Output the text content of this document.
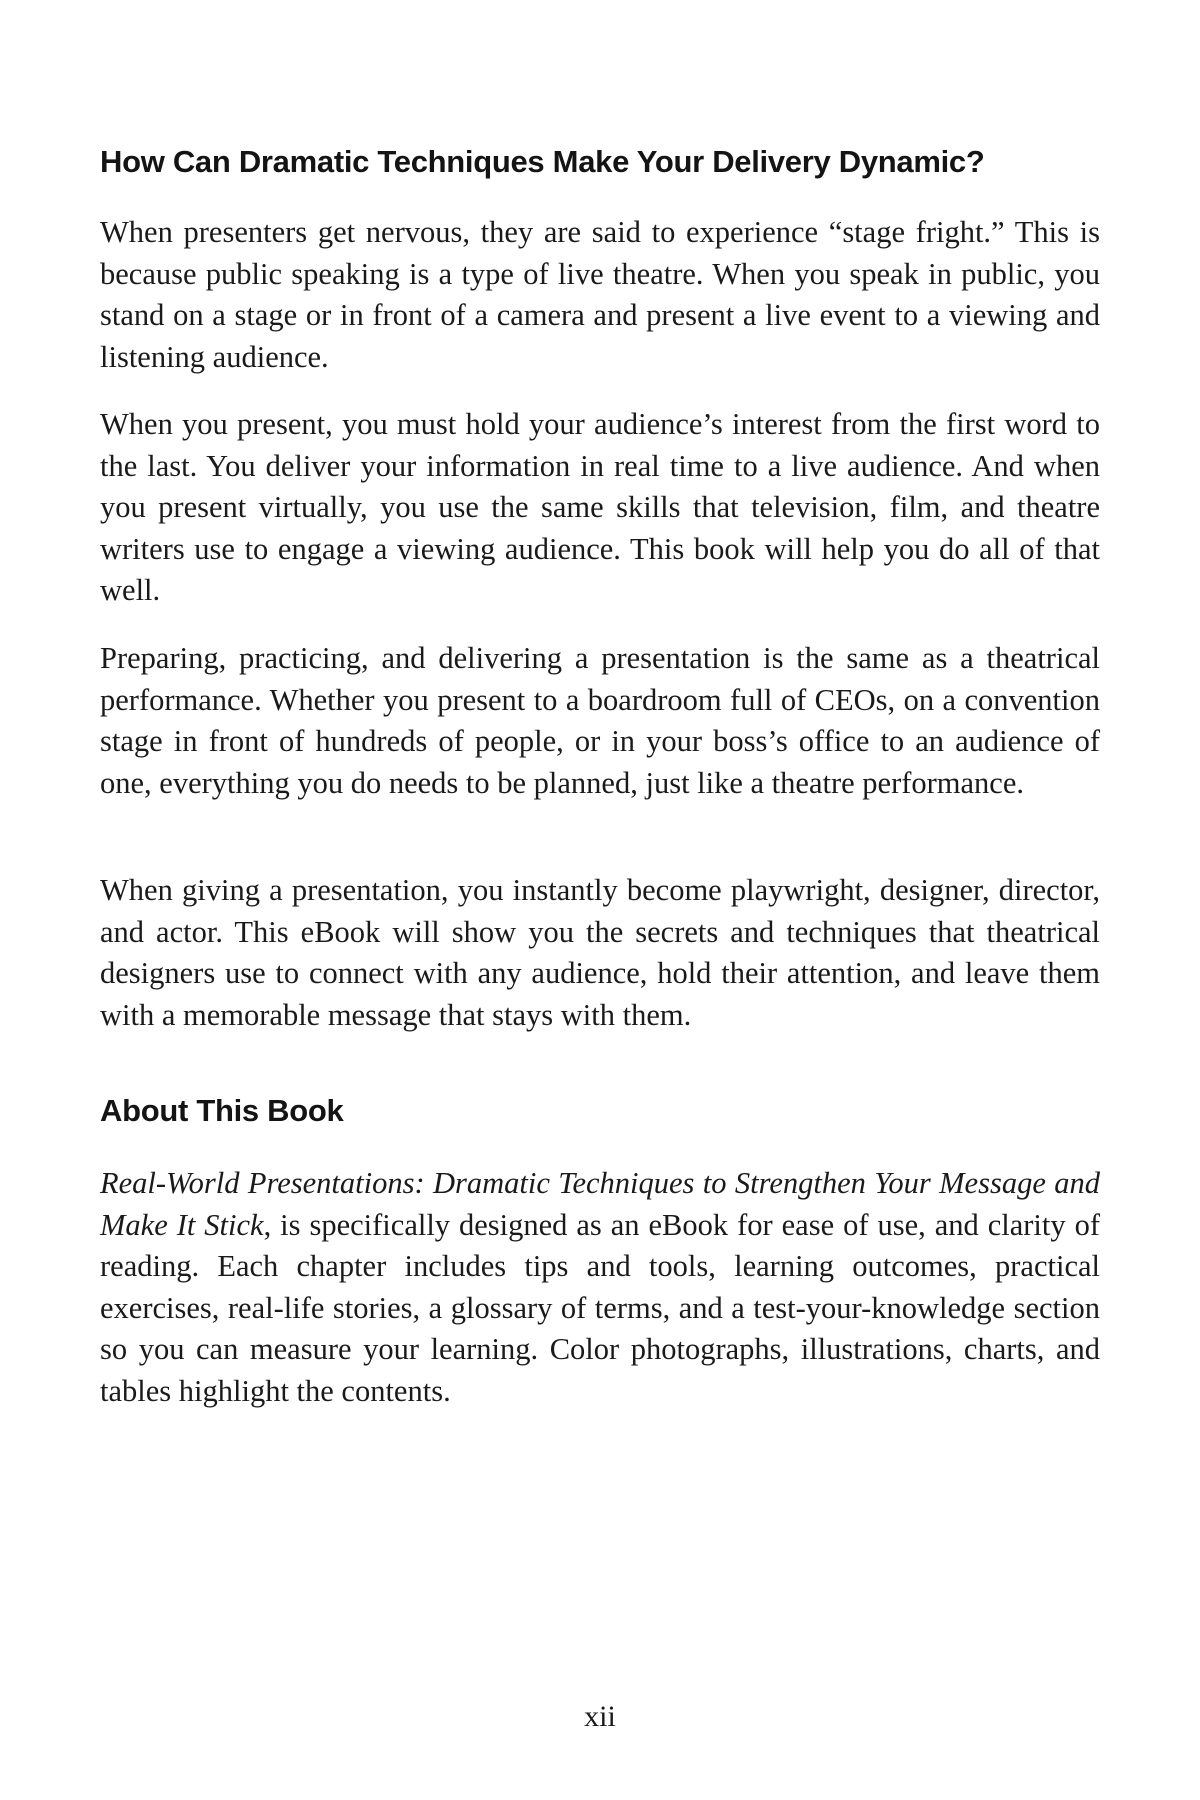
How Can Dramatic Techniques Make Your Delivery Dynamic?

When presenters get nervous, they are said to experience “stage fright.” This is because public speaking is a type of live theatre. When you speak in public, you stand on a stage or in front of a camera and present a live event to a viewing and listening audience.

When you present, you must hold your audience’s interest from the first word to the last. You deliver your information in real time to a live audience. And when you present virtually, you use the same skills that television, film, and theatre writers use to engage a viewing audience. This book will help you do all of that well.

Preparing, practicing, and delivering a presentation is the same as a theatrical performance. Whether you present to a boardroom full of CEOs, on a convention stage in front of hundreds of people, or in your boss’s office to an audience of one, everything you do needs to be planned, just like a theatre performance.

When giving a presentation, you instantly become playwright, designer, director, and actor. This eBook will show you the secrets and techniques that theatrical designers use to connect with any audience, hold their attention, and leave them with a memorable message that stays with them.

About This Book

Real-World Presentations: Dramatic Techniques to Strengthen Your Message and Make It Stick, is specifically designed as an eBook for ease of use, and clarity of reading. Each chapter includes tips and tools, learning outcomes, practical exercises, real-life stories, a glossary of terms, and a test-your-knowledge section so you can measure your learning. Color photographs, illustrations, charts, and tables highlight the contents.

xii
